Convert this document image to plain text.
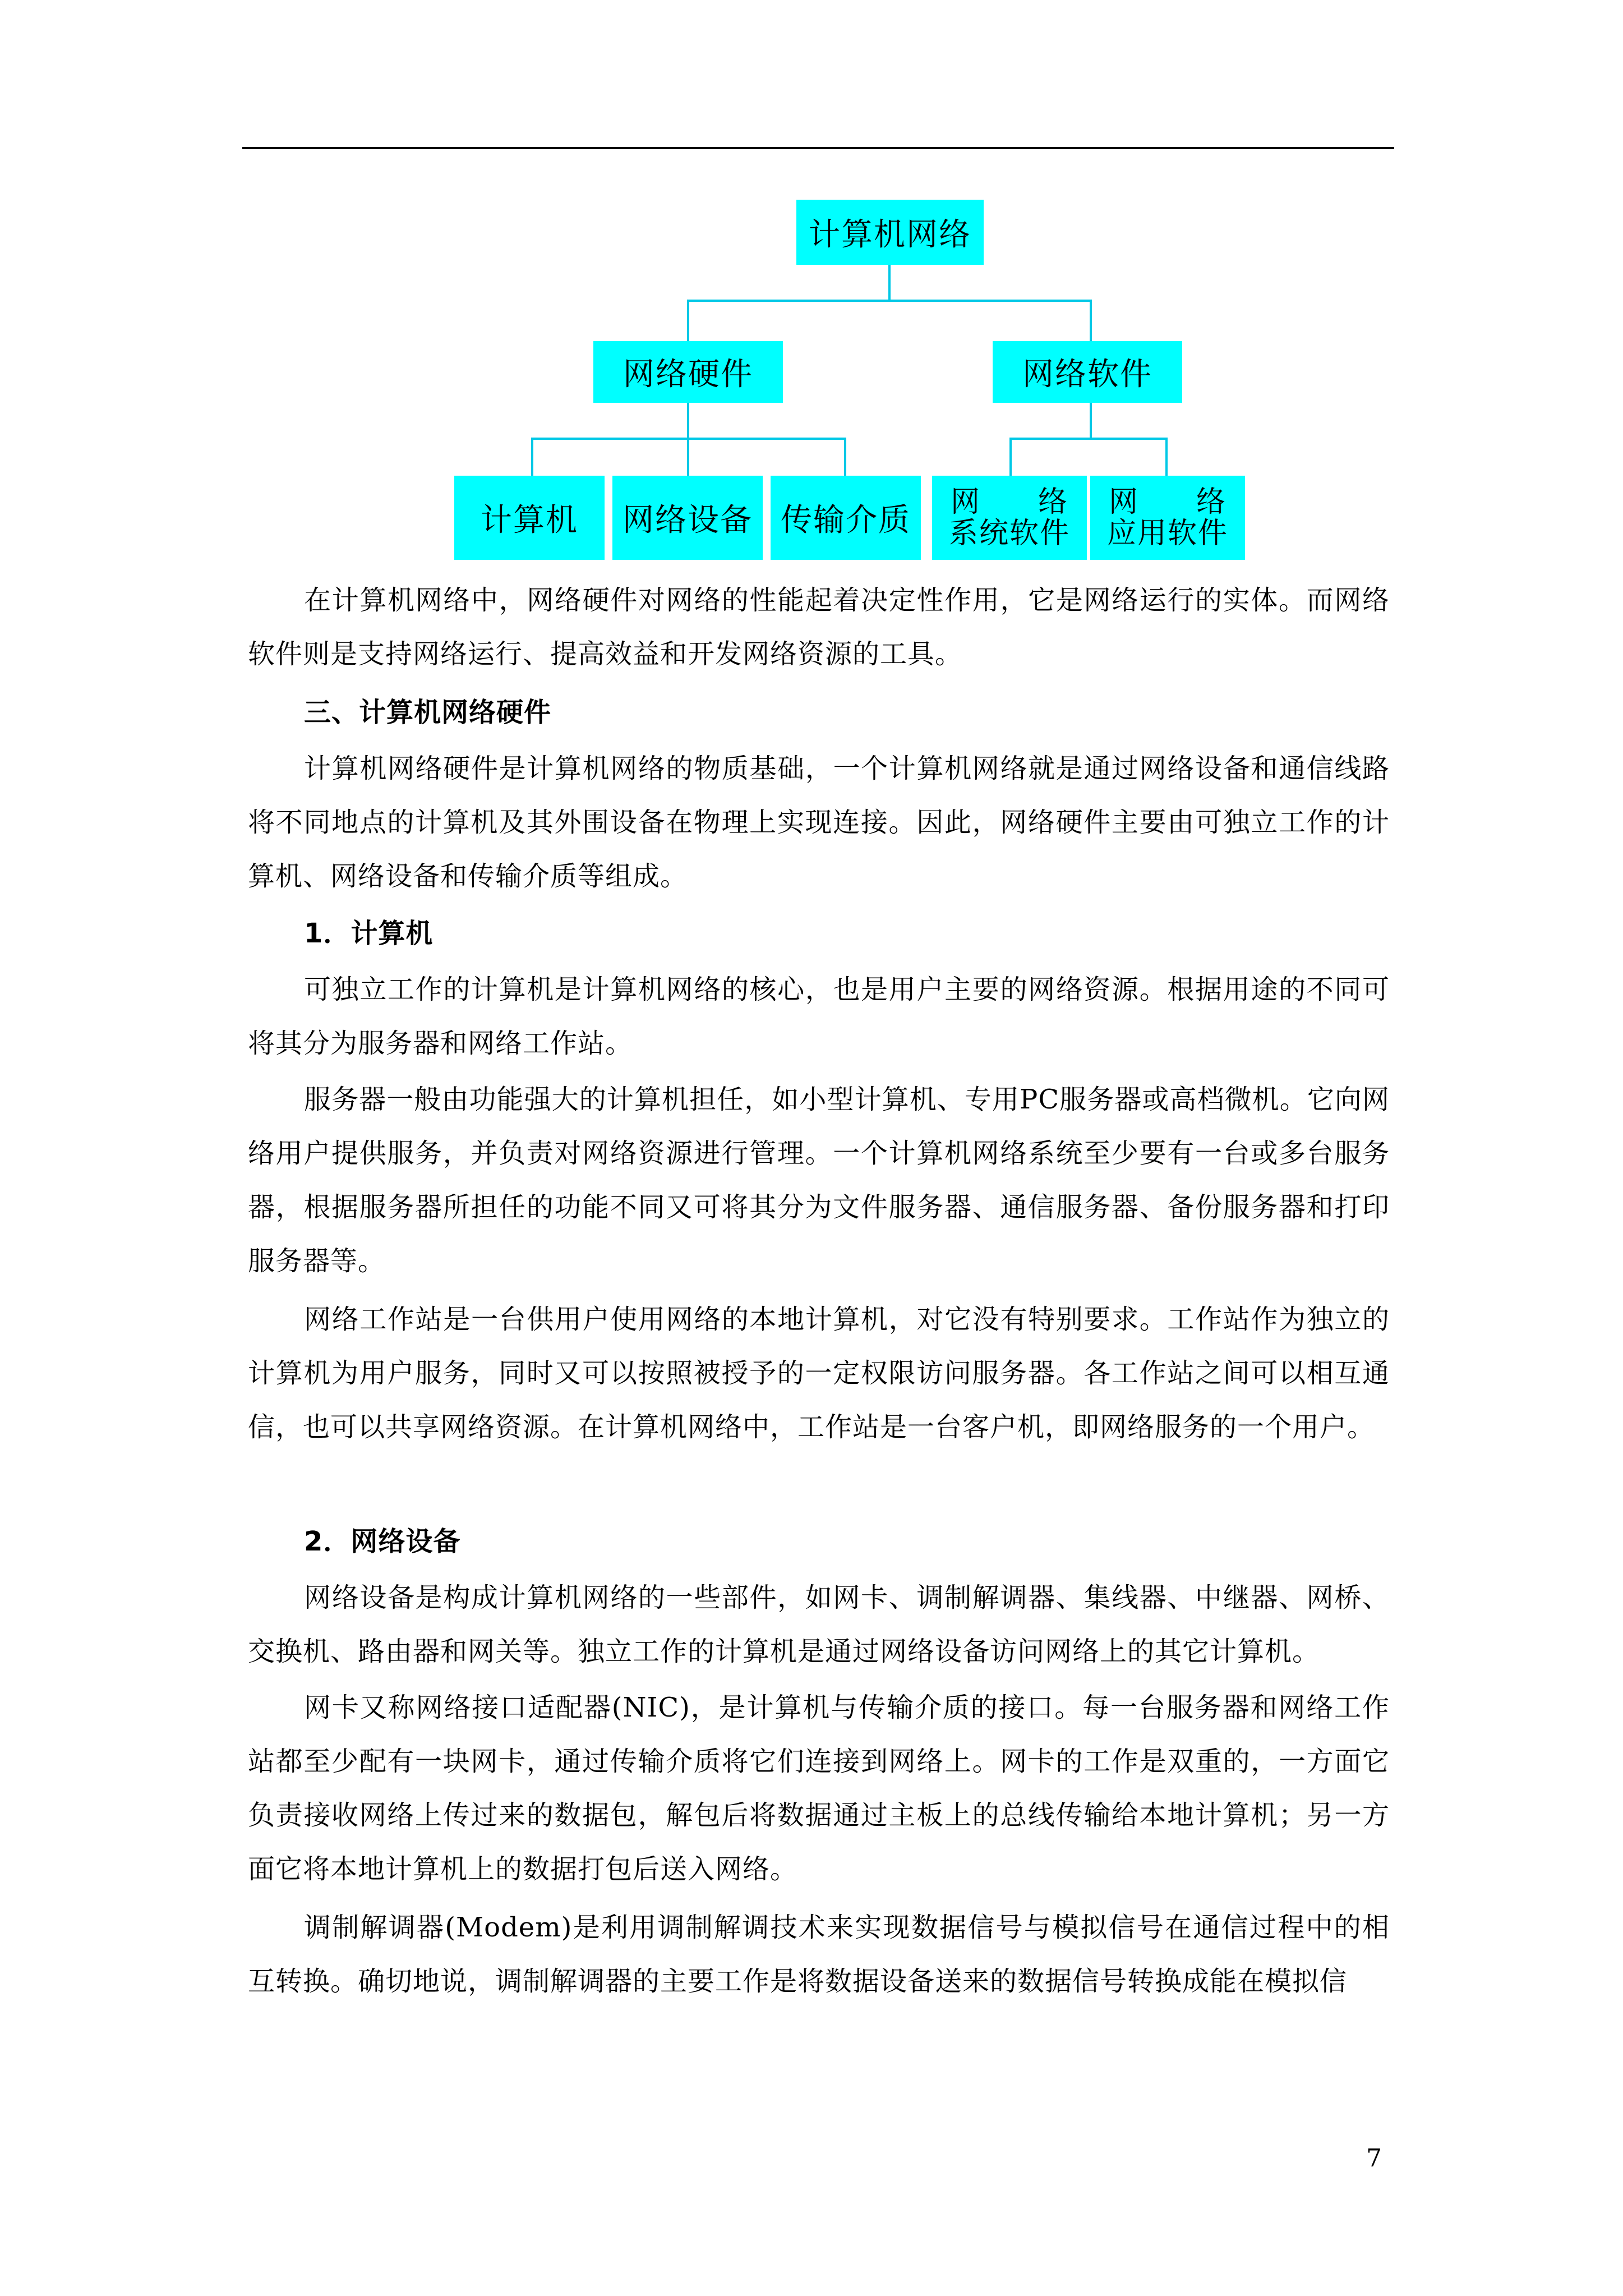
计算机网络
网络硬件	网络软件
计算机	网络设备 传输介质	网 络
系统软件
网 络
应用软件
在计算机网络中，网络硬件对网络的性能起着决定性作用，它是网络运行的实体。而网络软件则是支持网络运行、提高效益和开发网络资源的工具。
三、计算机网络硬件
计算机网络硬件是计算机网络的物质基础，一个计算机网络就是通过网络设备和通信线路将不同地点的计算机及其外围设备在物理上实现连接。因此，网络硬件主要由可独立工作的计算机、网络设备和传输介质等组成。
1．计算机
可独立工作的计算机是计算机网络的核心，也是用户主要的网络资源。根据用途的不同可将其分为服务器和网络工作站。
服务器一般由功能强大的计算机担任，如小型计算机、专用PC服务器或高档微机。它向网络用户提供服务，并负责对网络资源进行管理。一个计算机网络系统至少要有一台或多台服务器，根据服务器所担任的功能不同又可将其分为文件服务器、通信服务器、备份服务器和打印服务器等。
网络工作站是一台供用户使用网络的本地计算机，对它没有特别要求。工作站作为独立的计算机为用户服务，同时又可以按照被授予的一定权限访问服务器。各工作站之间可以相互通信，也可以共享网络资源。在计算机网络中，工作站是一台客户机，即网络服务的一个用户。
2．网络设备
网络设备是构成计算机网络的一些部件，如网卡、调制解调器、集线器、中继器、网桥、交换机、路由器和网关等。独立工作的计算机是通过网络设备访问网络上的其它计算机。
网卡又称网络接口适配器(NIC)，是计算机与传输介质的接口。每一台服务器和网络工作站都至少配有一块网卡，通过传输介质将它们连接到网络上。网卡的工作是双重的，一方面它负责接收网络上传过来的数据包，解包后将数据通过主板上的总线传输给本地计算机；另一方面它将本地计算机上的数据打包后送入网络。
调制解调器(Modem)是利用调制解调技术来实现数据信号与模拟信号在通信过程中的相互转换。确切地说，调制解调器的主要工作是将数据设备送来的数据信号转换成能在模拟信
7
